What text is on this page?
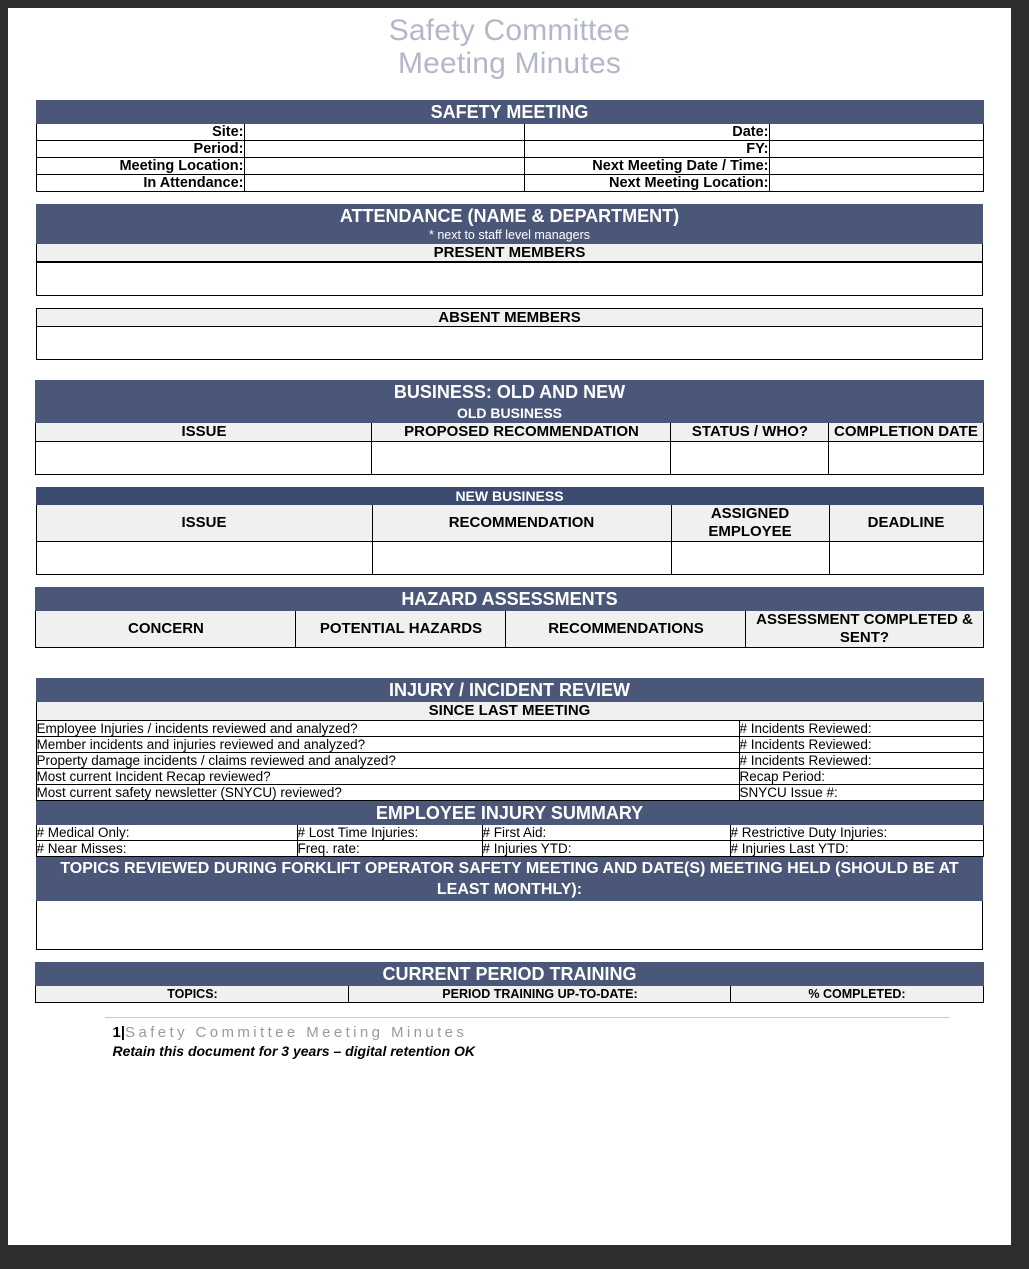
Safety Committee
Meeting Minutes
SAFETY MEETING			
Site:		Date:	
Period:		FY:	
Meeting Location:		Next Meeting Date / Time:	
In Attendance:		Next Meeting Location:	
ATTENDANCE (NAME & DEPARTMENT)
* next to staff level managers

PRESENT MEMBERS
ABSENT MEMBERS

BUSINESS: OLD AND NEW
OLD BUSINESS			

ISSUE	PROPOSED RECOMMENDATION	STATUS / WHO?	COMPLETION DATE

NEW BUSINESS			
ISSUE	RECOMMENDATION	ASSIGNED EMPLOYEE	DEADLINE

HAZARD ASSESSMENTS
CONCERN	POTENTIAL HAZARDS	RECOMMENDATIONS	ASSESSMENT COMPLETED & SENT?
INJURY / INCIDENT REVIEW	
SINCE LAST MEETING	
Employee Injuries / incidents reviewed and analyzed?	# Incidents Reviewed:
Member incidents and injuries reviewed and analyzed?	# Incidents Reviewed:
Property damage incidents / claims reviewed and analyzed?	# Incidents Reviewed:
Most current Incident Recap reviewed?	Recap Period:
Most current safety newsletter (SNYCU) reviewed?	SNYCU Issue #:
EMPLOYEE INJURY SUMMARY			
# Medical Only:	# Lost Time Injuries:	# First Aid:	# Restrictive Duty Injuries:
# Near Misses:	Freq. rate:	# Injuries YTD:	# Injuries Last YTD:
TOPICS REVIEWED DURING FORKLIFT OPERATOR SAFETY MEETING AND DATE(S) MEETING HELD (SHOULD BE AT LEAST MONTHLY):

CURRENT PERIOD TRAINING
TOPICS:	PERIOD TRAINING UP-TO-DATE:	% COMPLETED:
1|Safety Committee Meeting Minutes
Retain this document for 3 years – digital retention OK
